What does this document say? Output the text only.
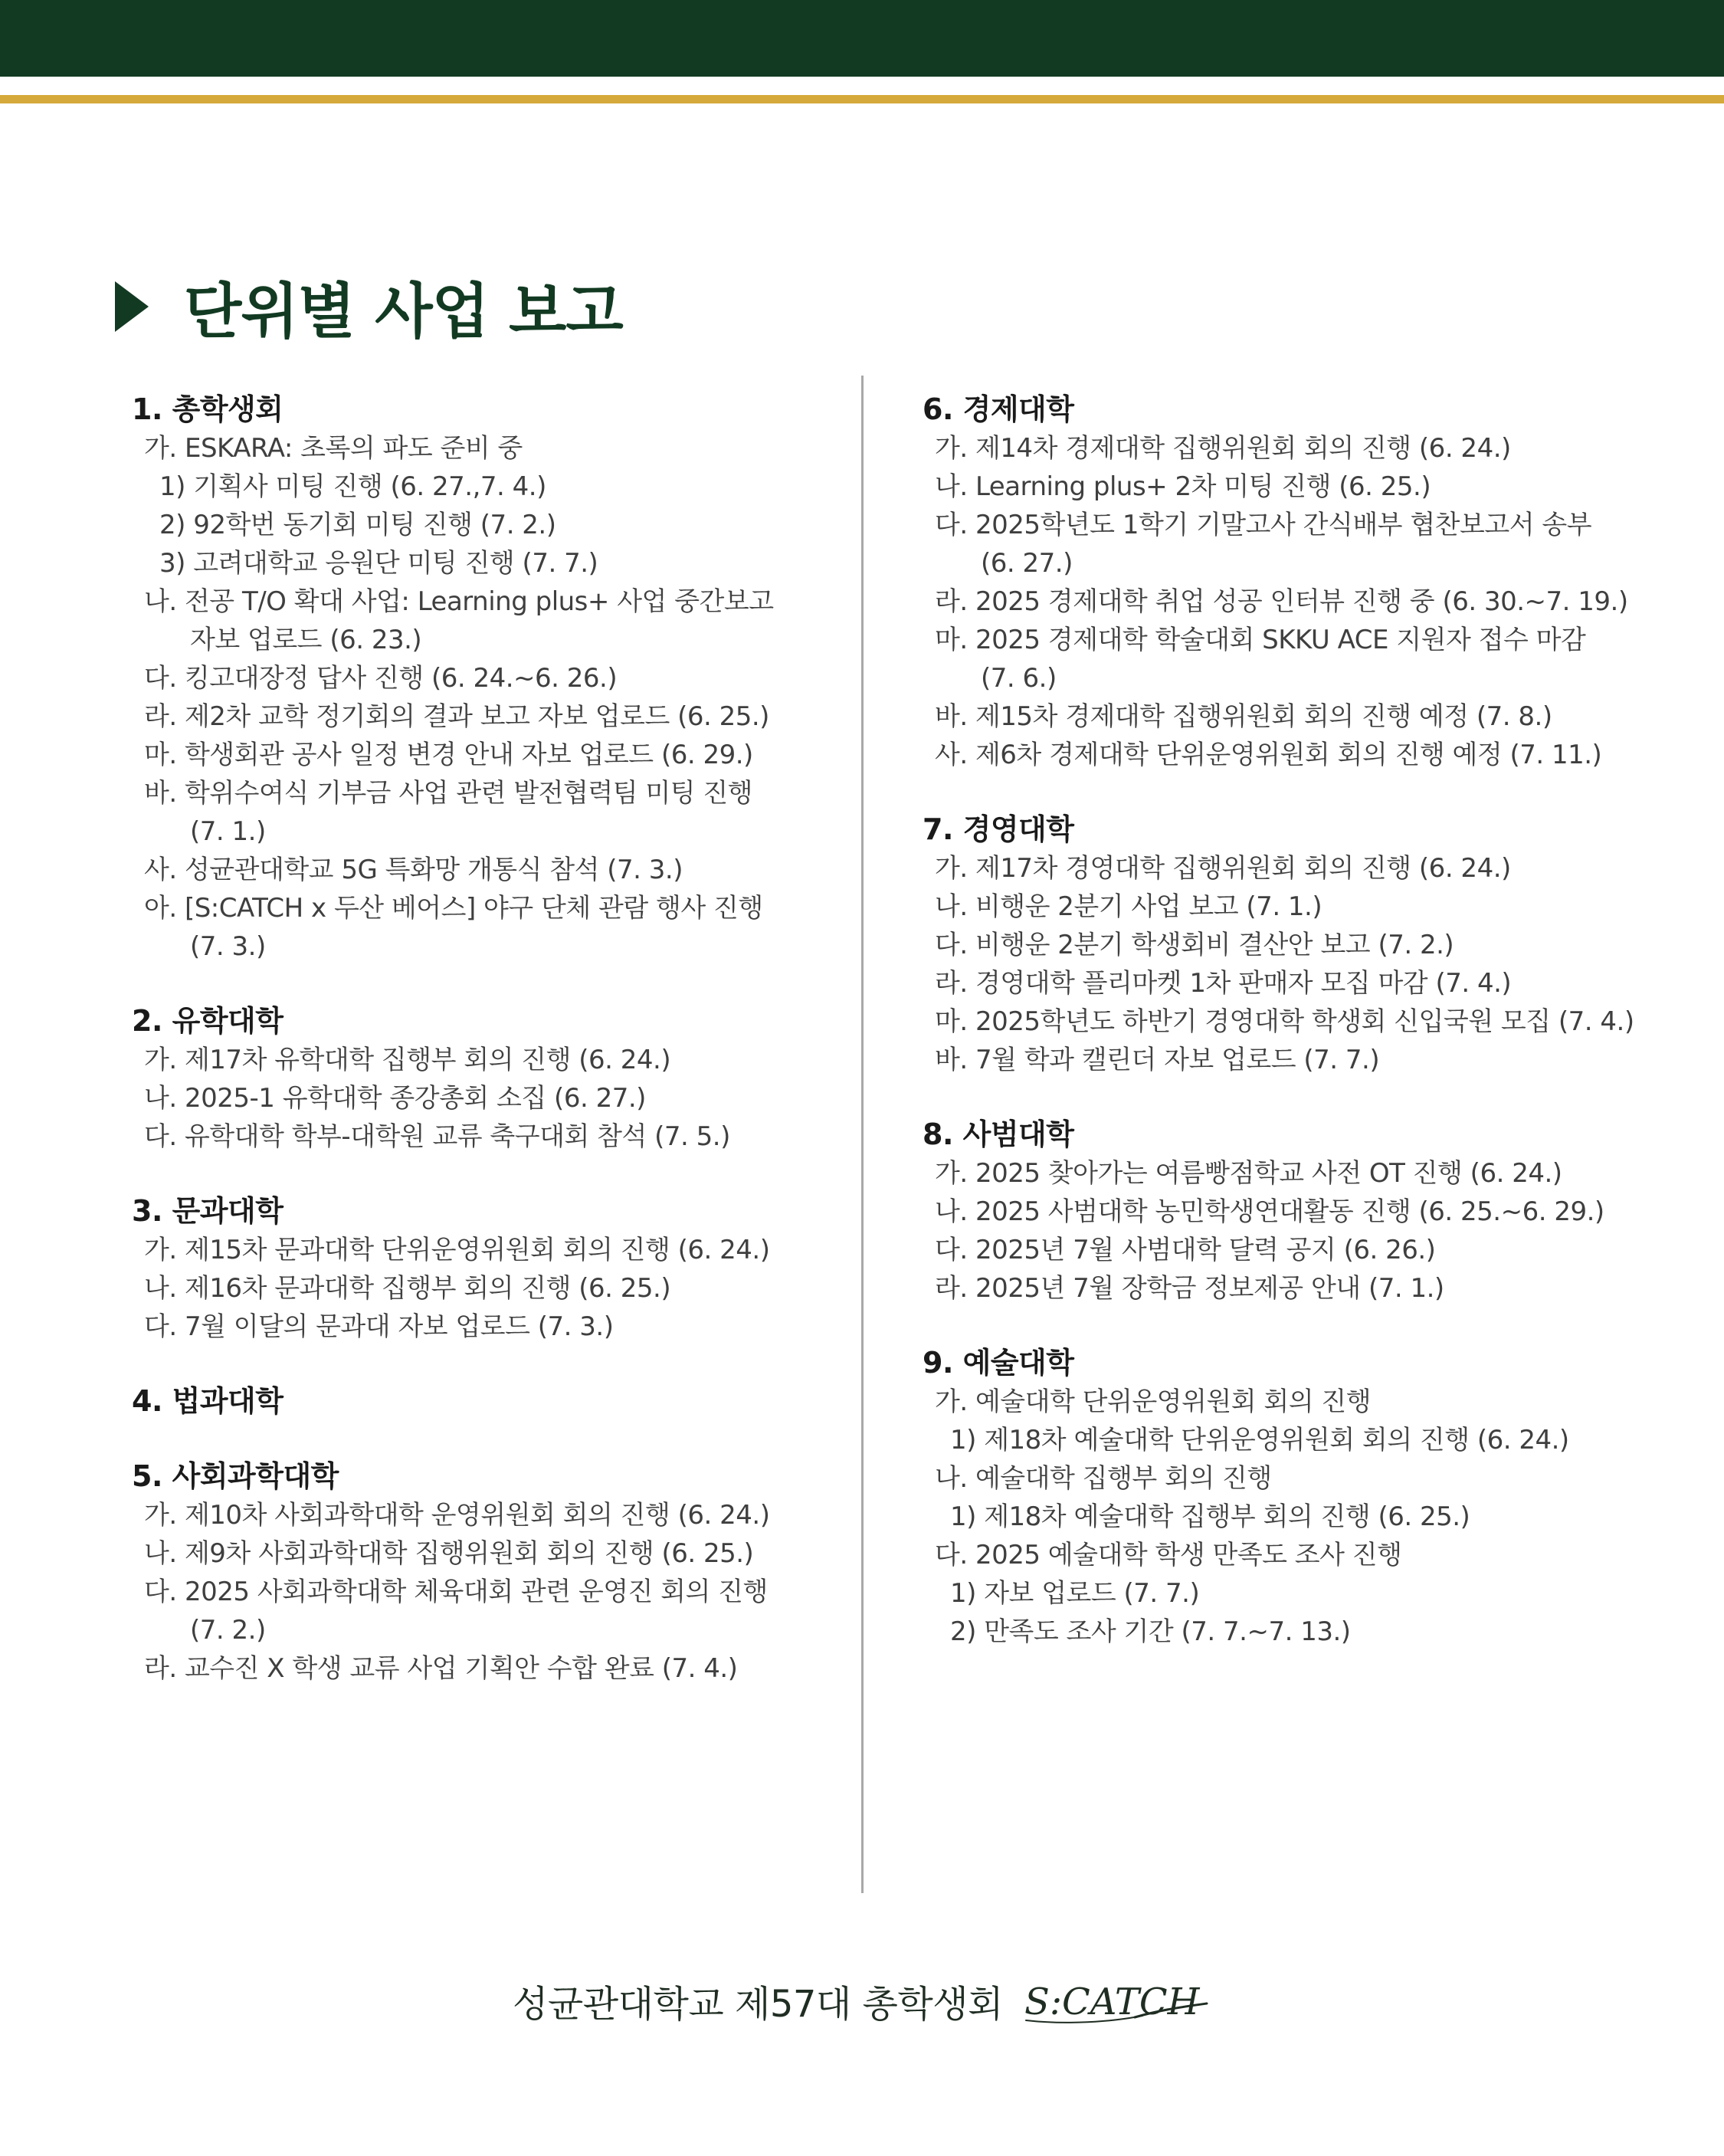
단위별 사업 보고
1. 총학생회
가. ESKARA: 초록의 파도 준비 중
1) 기획사 미팅 진행 (6. 27.,7. 4.)
2) 92학번 동기회 미팅 진행 (7. 2.)
3) 고려대학교 응원단 미팅 진행 (7. 7.)
나. 전공 T/O 확대 사업: Learning plus+ 사업 중간보고
자보 업로드 (6. 23.)
다. 킹고대장정 답사 진행 (6. 24.~6. 26.)
라. 제2차 교학 정기회의 결과 보고 자보 업로드 (6. 25.)
마. 학생회관 공사 일정 변경 안내 자보 업로드 (6. 29.)
바. 학위수여식 기부금 사업 관련 발전협력팀 미팅 진행
(7. 1.)
사. 성균관대학교 5G 특화망 개통식 참석 (7. 3.)
아. [S:CATCH x 두산 베어스] 야구 단체 관람 행사 진행
(7. 3.)
2. 유학대학
가. 제17차 유학대학 집행부 회의 진행 (6. 24.)
나. 2025-1 유학대학 종강총회 소집 (6. 27.)
다. 유학대학 학부-대학원 교류 축구대회 참석 (7. 5.)
3. 문과대학
가. 제15차 문과대학 단위운영위원회 회의 진행 (6. 24.)
나. 제16차 문과대학 집행부 회의 진행 (6. 25.)
다. 7월 이달의 문과대 자보 업로드 (7. 3.)
4. 법과대학
5. 사회과학대학
가. 제10차 사회과학대학 운영위원회 회의 진행 (6. 24.)
나. 제9차 사회과학대학 집행위원회 회의 진행 (6. 25.)
다. 2025 사회과학대학 체육대회 관련 운영진 회의 진행
(7. 2.)
라. 교수진 X 학생 교류 사업 기획안 수합 완료 (7. 4.)
6. 경제대학
가. 제14차 경제대학 집행위원회 회의 진행 (6. 24.)
나. Learning plus+ 2차 미팅 진행 (6. 25.)
다. 2025학년도 1학기 기말고사 간식배부 협찬보고서 송부
(6. 27.)
라. 2025 경제대학 취업 성공 인터뷰 진행 중 (6. 30.~7. 19.)
마. 2025 경제대학 학술대회 SKKU ACE 지원자 접수 마감
(7. 6.)
바. 제15차 경제대학 집행위원회 회의 진행 예정 (7. 8.)
사. 제6차 경제대학 단위운영위원회 회의 진행 예정 (7. 11.)
7. 경영대학
가. 제17차 경영대학 집행위원회 회의 진행 (6. 24.)
나. 비행운 2분기 사업 보고 (7. 1.)
다. 비행운 2분기 학생회비 결산안 보고 (7. 2.)
라. 경영대학 플리마켓 1차 판매자 모집 마감 (7. 4.)
마. 2025학년도 하반기 경영대학 학생회 신입국원 모집 (7. 4.)
바. 7월 학과 캘린더 자보 업로드 (7. 7.)
8. 사범대학
가. 2025 찾아가는 여름빵점학교 사전 OT 진행 (6. 24.)
나. 2025 사범대학 농민학생연대활동 진행 (6. 25.~6. 29.)
다. 2025년 7월 사범대학 달력 공지 (6. 26.)
라. 2025년 7월 장학금 정보제공 안내 (7. 1.)
9. 예술대학
가. 예술대학 단위운영위원회 회의 진행
1) 제18차 예술대학 단위운영위원회 회의 진행 (6. 24.)
나. 예술대학 집행부 회의 진행
1) 제18차 예술대학 집행부 회의 진행 (6. 25.)
다. 2025 예술대학 학생 만족도 조사 진행
1) 자보 업로드 (7. 7.)
2) 만족도 조사 기간 (7. 7.~7. 13.)
성균관대학교 제57대 총학생회 S:CATCH
